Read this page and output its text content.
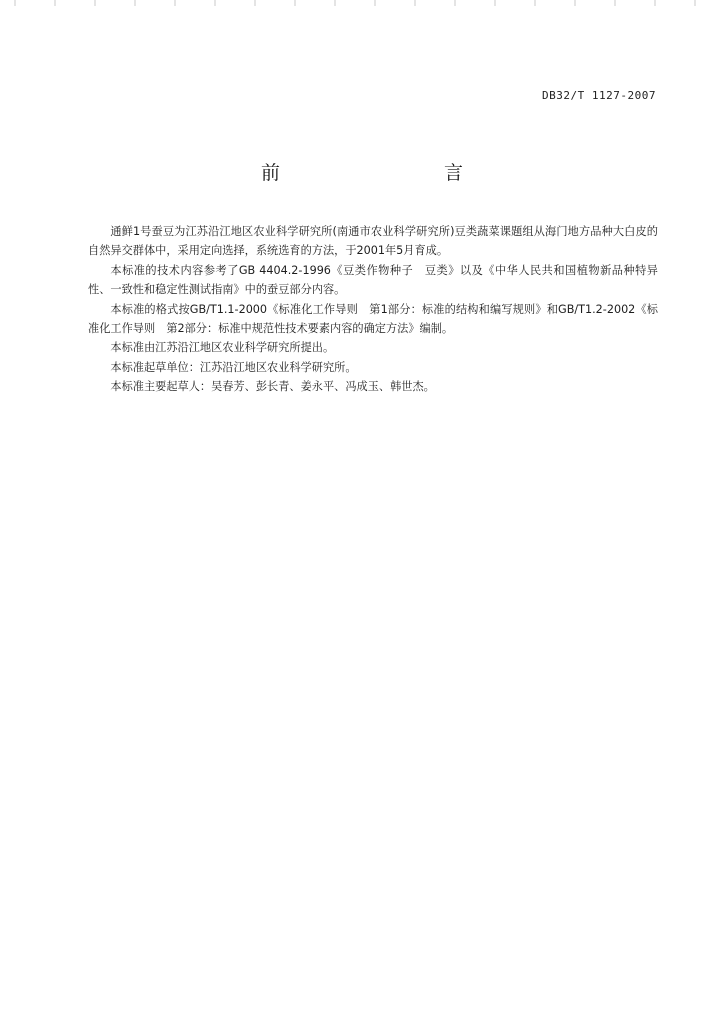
DB32/T 1127-2007
前　　言

通鲜1号蚕豆为江苏沿江地区农业科学研究所(南通市农业科学研究所)豆类蔬菜课题组从海门地方品种大白皮的自然异交群体中，采用定向选择，系统选育的方法，于2001年5月育成。

本标准的技术内容参考了GB 4404.2-1996《豆类作物种子　豆类》以及《中华人民共和国植物新品种特异性、一致性和稳定性测试指南》中的蚕豆部分内容。

本标准的格式按GB/T1.1-2000《标准化工作导则　第1部分：标准的结构和编写规则》和GB/T1.2-2002《标准化工作导则　第2部分：标准中规范性技术要素内容的确定方法》编制。

本标准由江苏沿江地区农业科学研究所提出。

本标准起草单位：江苏沿江地区农业科学研究所。

本标准主要起草人：吴春芳、彭长青、姜永平、冯成玉、韩世杰。
